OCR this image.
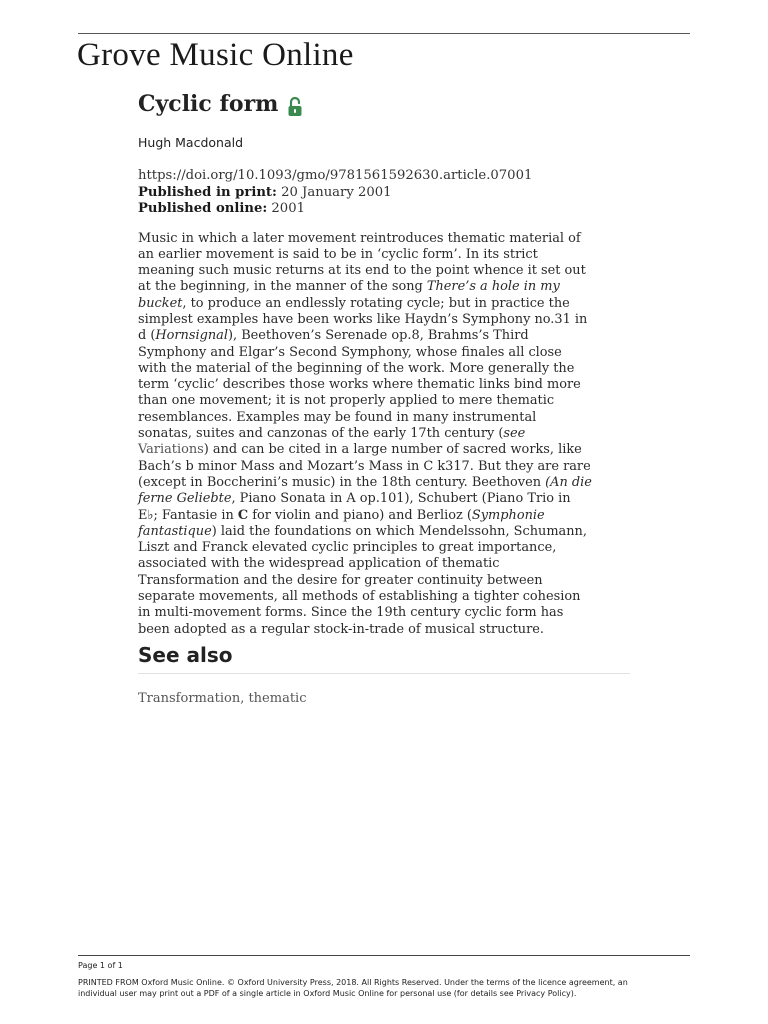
Grove Music Online
Cyclic form
Hugh Macdonald
https://doi.org/10.1093/gmo/9781561592630.article.07001
Published in print: 20 January 2001
Published online: 2001
Music in which a later movement reintroduces thematic material of
an earlier movement is said to be in ‘cyclic form’. In its strict
meaning such music returns at its end to the point whence it set out
at the beginning, in the manner of the song There’s a hole in my
bucket, to produce an endlessly rotating cycle; but in practice the
simplest examples have been works like Haydn’s Symphony no.31 in
d (Hornsignal), Beethoven’s Serenade op.8, Brahms’s Third
Symphony and Elgar’s Second Symphony, whose finales all close
with the material of the beginning of the work. More generally the
term ‘cyclic’ describes those works where thematic links bind more
than one movement; it is not properly applied to mere thematic
resemblances. Examples may be found in many instrumental
sonatas, suites and canzonas of the early 17th century (see
Variations) and can be cited in a large number of sacred works, like
Bach’s b minor Mass and Mozart’s Mass in C k317. But they are rare
(except in Boccherini’s music) in the 18th century. Beethoven (An die
ferne Geliebte, Piano Sonata in A op.101), Schubert (Piano Trio in
E♭; Fantasie in C for violin and piano) and Berlioz (Symphonie
fantastique) laid the foundations on which Mendelssohn, Schumann,
Liszt and Franck elevated cyclic principles to great importance,
associated with the widespread application of thematic
Transformation and the desire for greater continuity between
separate movements, all methods of establishing a tighter cohesion
in multi-movement forms. Since the 19th century cyclic form has
been adopted as a regular stock-in-trade of musical structure.
See also
Transformation, thematic
Page 1 of 1
PRINTED FROM Oxford Music Online. © Oxford University Press, 2018. All Rights Reserved. Under the terms of the licence agreement, an
individual user may print out a PDF of a single article in Oxford Music Online for personal use (for details see Privacy Policy).
